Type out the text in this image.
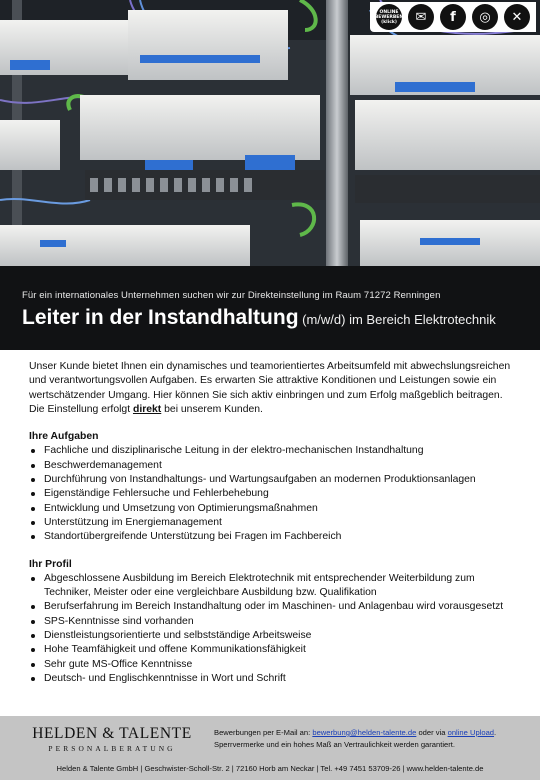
ONLINE BEWERBEN (klick)	✉	f	◎	✕
Für ein internationales Unternehmen suchen wir zur Direkteinstellung im Raum 71272 Renningen
Leiter in der Instandhaltung (m/w/d) im Bereich Elektrotechnik

Unser Kunde bietet Ihnen ein dynamisches und teamorientiertes Arbeitsumfeld mit abwechslungsreichen und verantwortungsvollen Aufgaben. Es erwarten Sie attraktive Konditionen und Leistungen sowie ein wertschätzender Umgang. Hier können Sie sich aktiv einbringen und zum Erfolg maßgeblich beitragen. Die Einstellung erfolgt direkt bei unserem Kunden.

Ihre Aufgaben
Fachliche und disziplinarische Leitung in der elektro-mechanischen Instandhaltung
Beschwerdemanagement
Durchführung von Instandhaltungs- und Wartungsaufgaben an modernen Produktionsanlagen
Eigenständige Fehlersuche und Fehlerbehebung
Entwicklung und Umsetzung von Optimierungsmaßnahmen
Unterstützung im Energiemanagement
Standortübergreifende Unterstützung bei Fragen im Fachbereich
Ihr Profil
Abgeschlossene Ausbildung im Bereich Elektrotechnik mit entsprechender Weiterbildung zum Techniker, Meister oder eine vergleichbare Ausbildung bzw. Qualifikation
Berufserfahrung im Bereich Instandhaltung oder im Maschinen- und Anlagenbau wird vorausgesetzt
SPS-Kenntnisse sind vorhanden
Dienstleistungsorientierte und selbstständige Arbeitsweise
Hohe Teamfähigkeit und offene Kommunikationsfähigkeit
Sehr gute MS-Office Kenntnisse
Deutsch- und Englischkenntnisse in Wort und Schrift
HELDEN & TALENTE
PERSONALBERATUNG
Bewerbungen per E-Mail an: bewerbung@helden-talente.de oder via online Upload.
Sperrvermerke und ein hohes Maß an Vertraulichkeit werden garantiert.
Helden & Talente GmbH | Geschwister-Scholl-Str. 2 | 72160 Horb am Neckar | Tel. +49 7451 53709-26 | www.helden-talente.de
